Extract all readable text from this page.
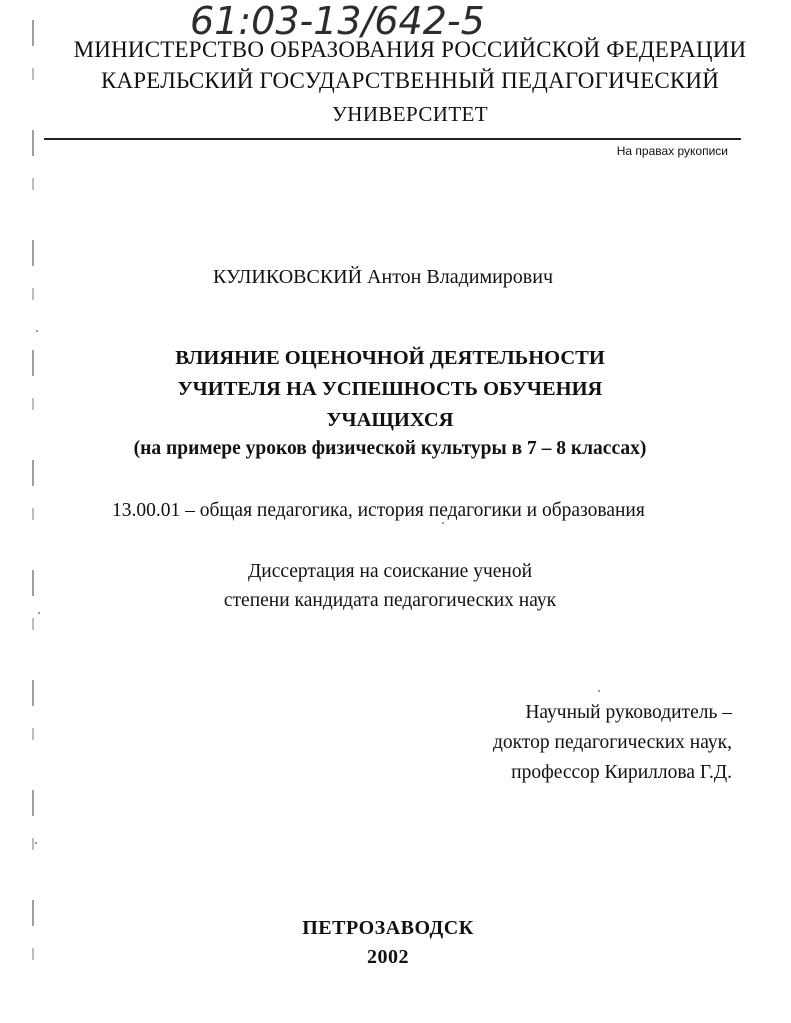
61:03-13/642-5

МИНИСТЕРСТВО ОБРАЗОВАНИЯ РОССИЙСКОЙ ФЕДЕРАЦИИ

КАРЕЛЬСКИЙ ГОСУДАРСТВЕННЫЙ ПЕДАГОГИЧЕСКИЙ

УНИВЕРСИТЕТ

На правах рукописи

КУЛИКОВСКИЙ Антон Владимирович

ВЛИЯНИЕ ОЦЕНОЧНОЙ ДЕЯТЕЛЬНОСТИ

УЧИТЕЛЯ НА УСПЕШНОСТЬ ОБУЧЕНИЯ

УЧАЩИХСЯ

(на примере уроков физической культуры в 7 – 8 классах)

13.00.01 – общая педагогика, история педагогики и образования

Диссертация на соискание ученой

степени кандидата педагогических наук

Научный руководитель –

доктор педагогических наук,

профессор Кириллова Г.Д.

ПЕТРОЗАВОДСК

2002
